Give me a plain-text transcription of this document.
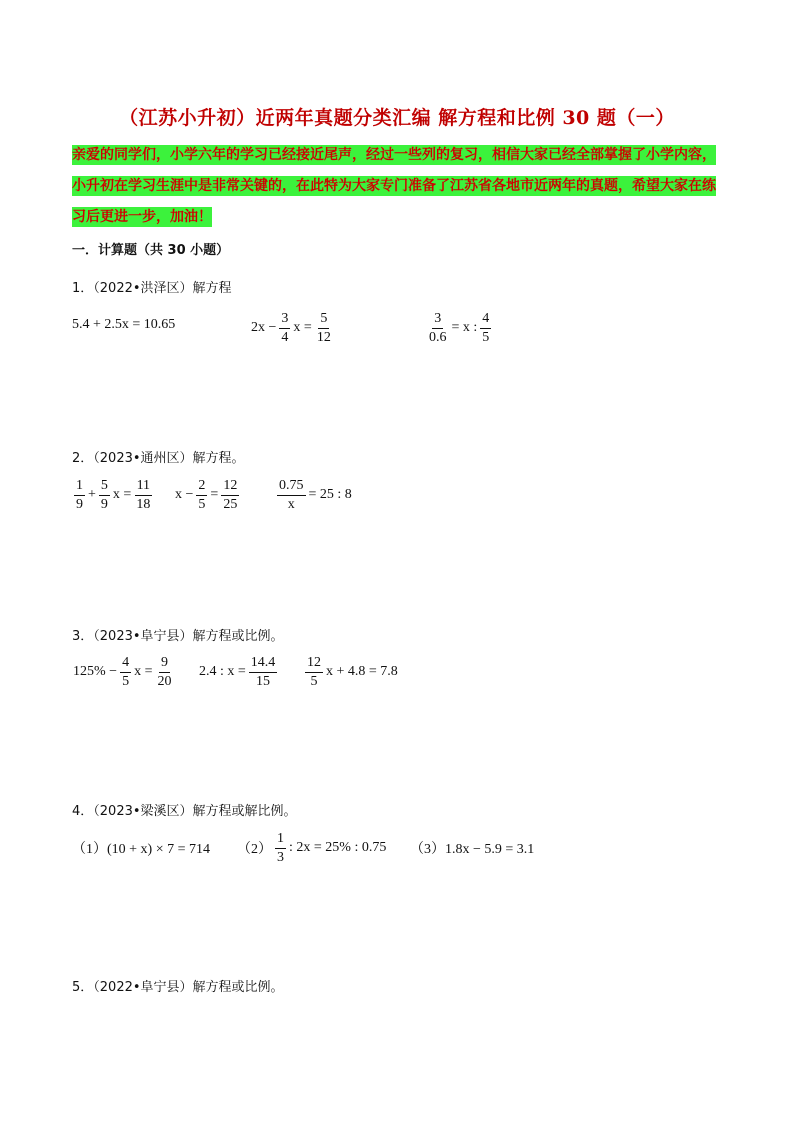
（江苏小升初）近两年真题分类汇编 解方程和比例 30 题（一）
亲爱的同学们，小学六年的学习已经接近尾声，经过一些列的复习，相信大家已经全部掌握了小学内容，小升初在学习生涯中是非常关键的，在此特为大家专门准备了江苏省各地市近两年的真题，希望大家在练习后更进一步，加油！
一．计算题（共 30 小题）
1．（2022•洪泽区）解方程
5.4 + 2.5x = 10.65	$2x - \frac{3}{4}$ $x = \frac{5}{12}$	$\frac{3}{0.6} = x$ : $\frac{4}{5}$
2．（2023•通州区）解方程。
$\frac{1}{9} + \frac{5}{9}$ $x = \frac{11}{18}$ $x - \frac{2}{5} = \frac{12}{25}$	$\frac{0.75}{x} = 25$ : 8
3．（2023•阜宁县）解方程或比例。
$125\% - \frac{4}{5}$ $x = \frac{9}{20} 2.4$ : $x = \frac{14.4}{15} \frac{12}{5}$ x + 4.8 = 7.8
4．（2023•梁溪区）解方程或解比例。
（1）(10 + x) × 7 = 714 $(2) \frac{1}{3}$ : 2x = 25% : 0.75 （3）1.8x − 5.9 = 3.1
5．（2022•阜宁县）解方程或比例。
